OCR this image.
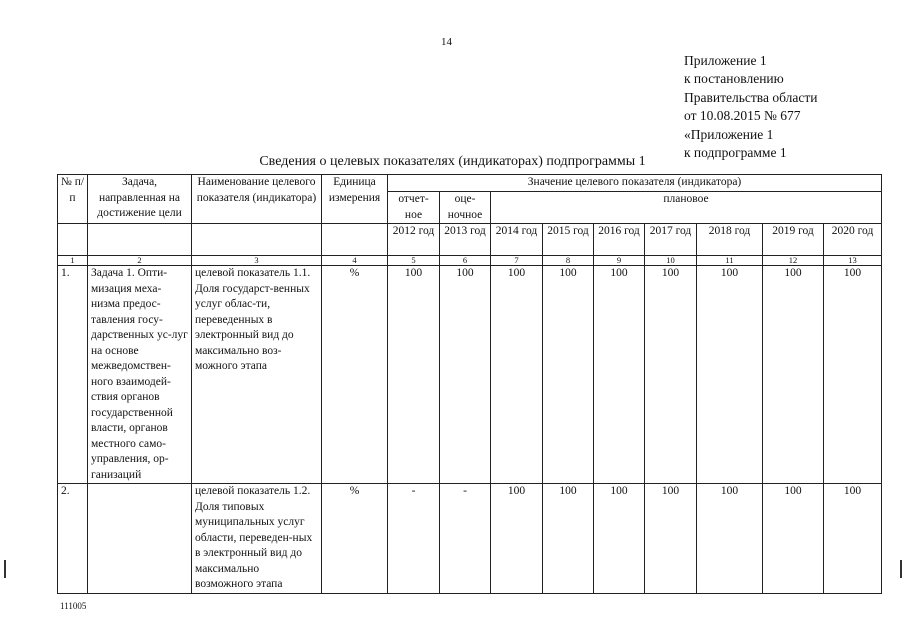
14
Приложение 1
к постановлению
Правительства области
от 10.08.2015 № 677
«Приложение 1
к подпрограмме 1
Сведения о целевых показателях (индикаторах) подпрограммы 1
№ п/п	Задача, направленная на достижение цели	Наименование целевого показателя (индикатора)	Единица измерения	Значение целевого показателя (индикатора)								
				отчет-ное	оце-ночное	плановое						

				2012 год	2013 год	2014 год	2015 год	2016 год	2017 год	2018 год	2019 год	2020 год
1	2	3	4	5	6	7	8	9	10	11	12	13
1.	Задача 1. Опти-мизация меха-низма предос-тавления госу-дарственных ус-луг на основе межведомствен-ного взаимодей-ствия органов государственной власти, органов местного само-управления, ор-ганизаций	целевой показатель 1.1. Доля государст-венных услуг облас-ти, переведенных в электронный вид до максимально воз-можного этапа	%	100	100	100	100	100	100	100	100	100
2.		целевой показатель 1.2. Доля типовых муниципальных услуг области, переведен-ных в электронный вид до максимально возможного этапа	%	-	-	100	100	100	100	100	100	100
111005
